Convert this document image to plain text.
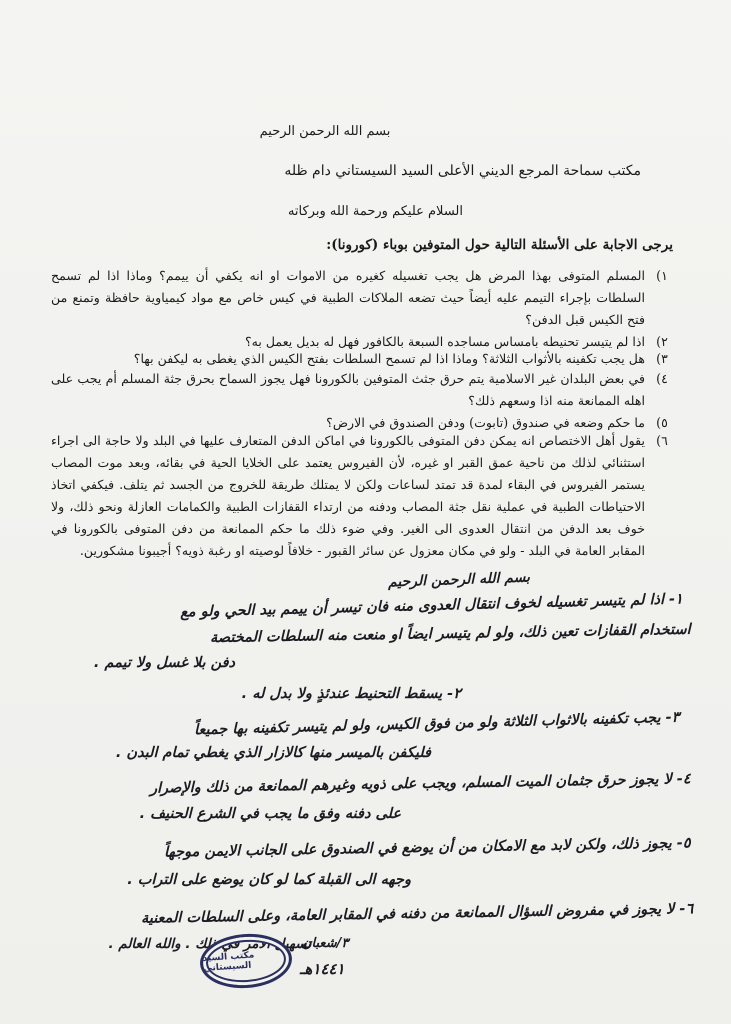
بسم الله الرحمن الرحيم
مكتب سماحة المرجع الديني الأعلى السيد السيستاني دام ظله
السلام عليكم ورحمة الله وبركاته
يرجى الاجابة على الأسئلة التالية حول المتوفين بوباء (كورونا):
١)
المسلم المتوفى بهذا المرض هل يجب تغسيله كغيره من الاموات او انه يكفي أن ييمم؟ وماذا اذا لم تسمح السلطات بإجراء التيمم عليه أيضاً حيث تضعه الملاكات الطبية في كيس خاص مع مواد كيمياوية حافظة وتمنع من فتح الكيس قبل الدفن؟
٢)
اذا لم يتيسر تحنيطه بامساس مساجده السبعة بالكافور فهل له بديل يعمل به؟
٣)
هل يجب تكفينه بالأثواب الثلاثة؟ وماذا اذا لم تسمح السلطات بفتح الكيس الذي يغطى به ليكفن بها؟
٤)
في بعض البلدان غير الاسلامية يتم حرق جثث المتوفين بالكورونا فهل يجوز السماح بحرق جثة المسلم أم يجب على اهله الممانعة منه اذا وسعهم ذلك؟
٥)
ما حكم وضعه في صندوق (تابوت) ودفن الصندوق في الارض؟
٦)
يقول أهل الاختصاص انه يمكن دفن المتوفى بالكورونا في اماكن الدفن المتعارف عليها في البلد ولا حاجة الى اجراء استثنائي لذلك من ناحية عمق القبر او غيره، لأن الفيروس يعتمد على الخلايا الحية في بقائه، وبعد موت المصاب يستمر الفيروس في البقاء لمدة قد تمتد لساعات ولكن لا يمتلك طريقة للخروج من الجسد ثم يتلف. فيكفي اتخاذ الاحتياطات الطبية في عملية نقل جثة المصاب ودفنه من ارتداء القفازات الطبية والكمامات العازلة ونحو ذلك، ولا خوف بعد الدفن من انتقال العدوى الى الغير. وفي ضوء ذلك ما حكم الممانعة من دفن المتوفى بالكورونا في المقابر العامة في البلد - ولو في مكان معزول عن سائر القبور - خلافاً لوصيته او رغبة ذويه؟ أجيبونا مشكورين.
بسم الله الرحمن الرحيم
١- اذا لم يتيسر تغسيله لخوف انتقال العدوى منه فان تيسر أن ييمم بيد الحي ولو مع
استخدام القفازات تعين ذلك، ولو لم يتيسر ايضاً او منعت منه السلطات المختصة
دفن بلا غسل ولا تيمم .
٢- يسقط التحنيط عندئذٍ ولا بدل له .
٣- يجب تكفينه بالاثواب الثلاثة ولو من فوق الكيس، ولو لم يتيسر تكفينه بها جميعاً
فليكفن بالميسر منها كالازار الذي يغطي تمام البدن .
٤- لا يجوز حرق جثمان الميت المسلم، ويجب على ذويه وغيرهم الممانعة من ذلك والإصرار
على دفنه وفق ما يجب في الشرع الحنيف .
٥- يجوز ذلك، ولكن لابد مع الامكان من أن يوضع في الصندوق على الجانب الايمن موجهاً
وجهه الى القبلة كما لو كان يوضع على التراب .
٦- لا يجوز في مفروض السؤال الممانعة من دفنه في المقابر العامة، وعلى السلطات المعنية
تسهيل الامر في ذلك . والله العالم .
٣/شعبان
١٤٤١هـ
مكتب السيد السيستاني
